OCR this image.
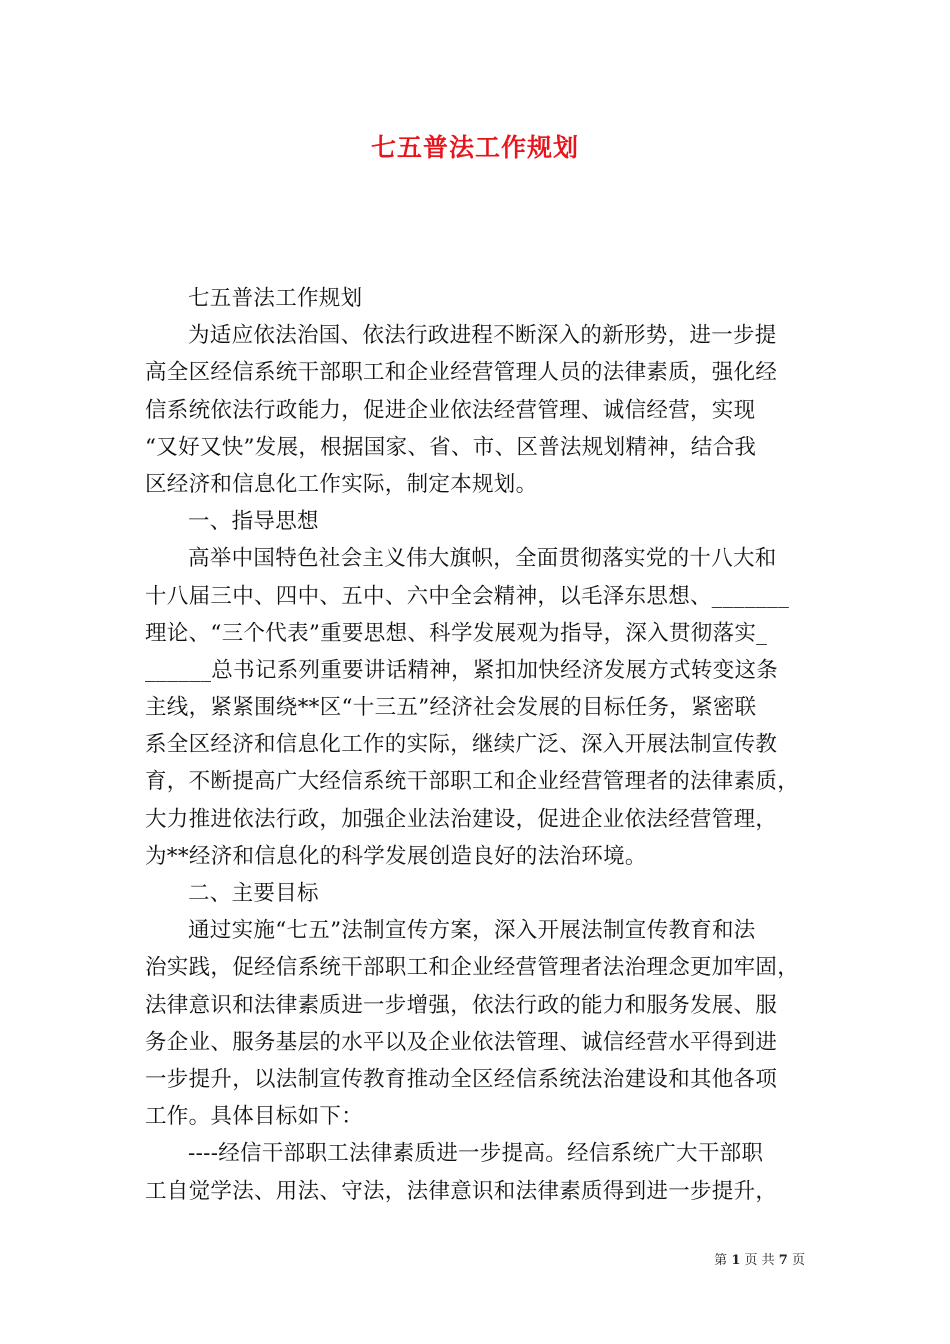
七五普法工作规划
七五普法工作规划
为适应依法治国、依法行政进程不断深入的新形势，进一步提
高全区经信系统干部职工和企业经营管理人员的法律素质，强化经
信系统依法行政能力，促进企业依法经营管理、诚信经营，实现
“又好又快”发展，根据国家、省、市、区普法规划精神，结合我
区经济和信息化工作实际，制定本规划。
一、指导思想
高举中国特色社会主义伟大旗帜，全面贯彻落实党的十八大和
十八届三中、四中、五中、六中全会精神，以毛泽东思想、_______
理论、“三个代表”重要思想、科学发展观为指导，深入贯彻落实_
______总书记系列重要讲话精神，紧扣加快经济发展方式转变这条
主线，紧紧围绕**区“十三五”经济社会发展的目标任务，紧密联
系全区经济和信息化工作的实际，继续广泛、深入开展法制宣传教
育，不断提高广大经信系统干部职工和企业经营管理者的法律素质，
大力推进依法行政，加强企业法治建设，促进企业依法经营管理，
为**经济和信息化的科学发展创造良好的法治环境。
二、主要目标
通过实施“七五”法制宣传方案，深入开展法制宣传教育和法
治实践，促经信系统干部职工和企业经营管理者法治理念更加牢固，
法律意识和法律素质进一步增强，依法行政的能力和服务发展、服
务企业、服务基层的水平以及企业依法管理、诚信经营水平得到进
一步提升，以法制宣传教育推动全区经信系统法治建设和其他各项
工作。具体目标如下：
----经信干部职工法律素质进一步提高。经信系统广大干部职
工自觉学法、用法、守法，法律意识和法律素质得到进一步提升，
第 1 页 共 7 页
